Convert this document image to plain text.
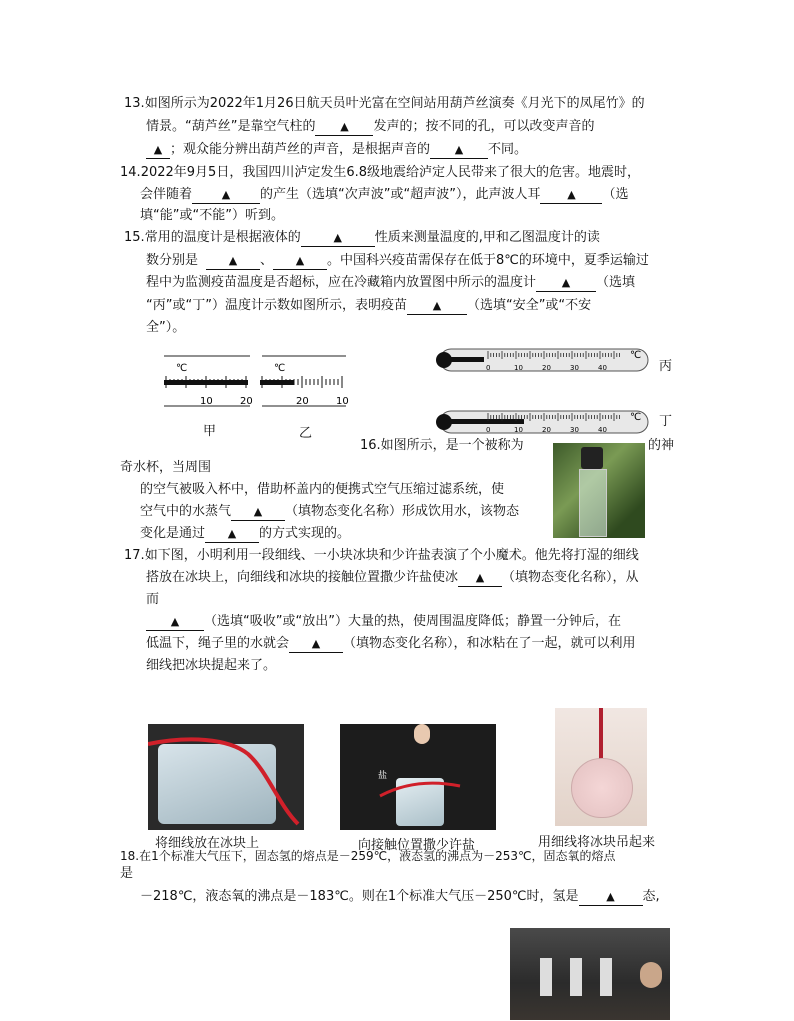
13.如图所示为2022年1月26日航天员叶光富在空间站用葫芦丝演奏《月光下的凤尾竹》的
情景。“葫芦丝”是靠空气柱的 ▲ 发声的；按不同的孔，可以改变声音的
▲ ；观众能分辨出葫芦丝的声音，是根据声音的 ▲ 不同。
14.2022年9月5日，我国四川泸定发生6.8级地震给泸定人民带来了很大的危害。地震时，
会伴随着	▲ 的产生（选填“次声波”或“超声波”），此声波人耳 ▲ （选
填“能”或“不能”）听到。
15.常用的温度计是根据液体的	▲	性质来测量温度的,甲和乙图温度计的读
数分别是	▲ 、 ▲ 。中国科兴疫苗需保存在低于8℃的环境中，夏季运输过
程中为监测疫苗温度是否超标，应在冷藏箱内放置图中所示的温度计 ▲ （选填
“丙”或“丁”）温度计示数如图所示，表明疫苗 ▲ （选填“安全”或“不安
全”）。
℃
10	20
℃
20	10
甲	乙
℃
0	10	20	30	40
℃
0	10	20	30	40
丙
丁
16.如图所示，是一个被称为	的神
奇水杯，当周围
的空气被吸入杯中，借助杯盖内的便携式空气压缩过滤系统，使
空气中的水蒸气 ▲ （填物态变化名称）形成饮用水，该物态
变化是通过 ▲ 的方式实现的。
17.如下图，小明利用一段细线、一小块冰块和少许盐表演了个小魔术。他先将打湿的细线
搭放在冰块上，向细线和冰块的接触位置撒少许盐使冰 ▲ （填物态变化名称），从
而
▲ （选填“吸收”或“放出”）大量的热，使周围温度降低；静置一分钟后，在
低温下，绳子里的水就会 ▲ （填物态变化名称），和冰粘在了一起，就可以利用
细线把冰块提起来了。
将细线放在冰块上
盐
向接触位置撒少许盐	用细线将冰块吊起来
18.在1个标准大气压下，固态氢的熔点是－259℃，液态氢的沸点为－253℃，固态氧的熔点
是
－218℃，液态氧的沸点是－183℃。则在1个标准大气压－250℃时，氢是	▲ 态,
